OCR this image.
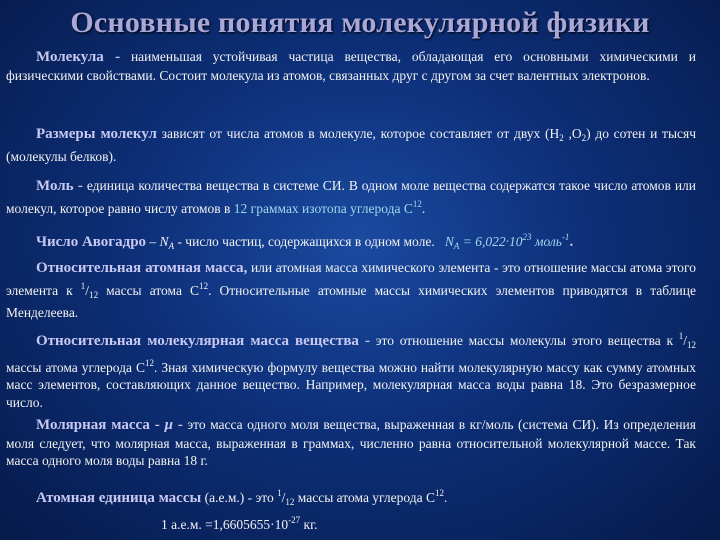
Основные понятия молекулярной физики
Молекула - наименьшая устойчивая частица вещества, обладающая его основными химическими и физическими свойствами. Состоит молекула из атомов, связанных друг с другом за счет валентных электронов.
Размеры молекул зависят от числа атомов в молекуле, которое составляет от двух ($H_2$ $,O_2$) до сотен и тысяч (молекулы белков).
Моль - единица количества вещества в системе СИ. В одном моле вещества содержатся такое число атомов или молекул, которое равно числу атомов в 12 граммах изотопа углерода $С^{12}$.
Число Авогадро – $N_A$ - число частиц, содержащихся в одном моле. $N_A = 6,022\cdot 10^{23}$ моль$^{-1}$.
Относительная атомная масса, или атомная масса химического элемента - это отношение массы атома этого элемента к $^1/_{12}$ массы атома $С^{12}$. Относительные атомные массы химических элементов приводятся в таблице Менделеева.
Относительная молекулярная масса вещества - это отношение массы молекулы этого вещества к $^1/_{12}$ массы атома углерода $С^{12}$. Зная химическую формулу вещества можно найти молекулярную массу как сумму атомных масс элементов, составляющих данное вещество. Например, молекулярная масса воды равна 18. Это безразмерное число.
Молярная масса - μ - это масса одного моля вещества, выраженная в кг/моль (система СИ). Из определения моля следует, что молярная масса, выраженная в граммах, численно равна относительной молекулярной массе. Так масса одного моля воды равна 18 г.
Атомная единица массы (а.е.м.) - это $^1/_{12}$ массы атома углерода $С^{12}$.
1 а.е.м. $=1,6605655\cdot 10^{-27}$ кг.
